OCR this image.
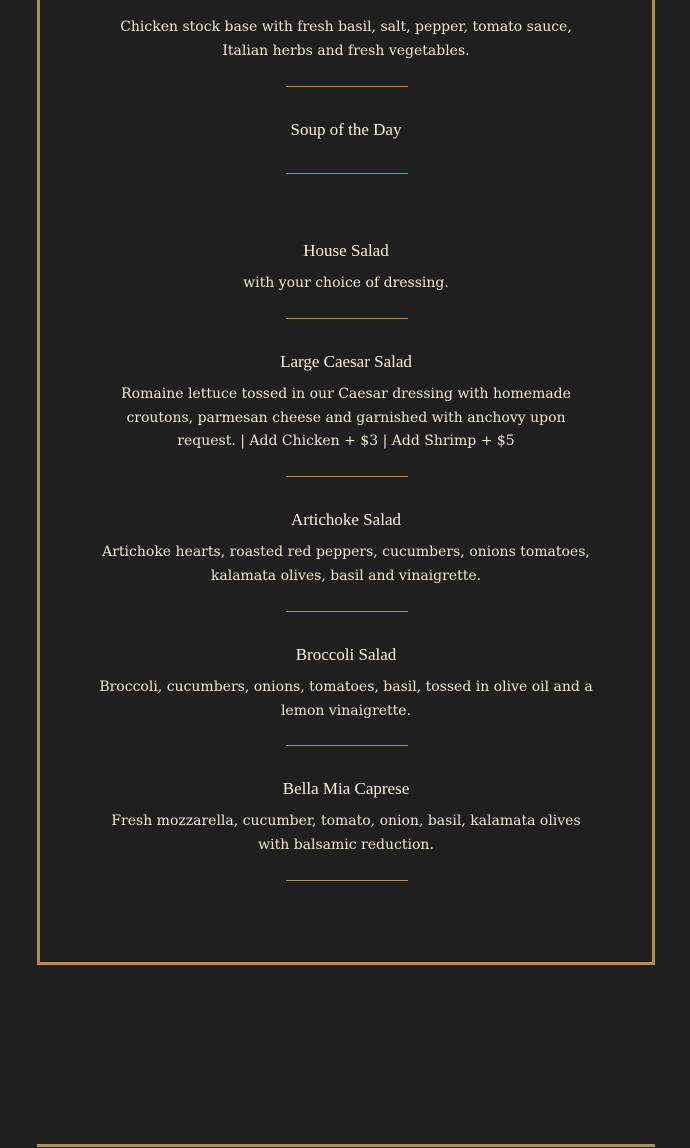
Chicken stock base with fresh basil, salt, pepper, tomato sauce, Italian herbs and fresh vegetables.

Soup of the Day
House Salad

with your choice of dressing.

Large Caesar Salad

Romaine lettuce tossed in our Caesar dressing with homemade croutons, parmesan cheese and garnished with anchovy upon request. | Add Chicken + $3 | Add Shrimp + $5

Artichoke Salad

Artichoke hearts, roasted red peppers, cucumbers, onions tomatoes, kalamata olives, basil and vinaigrette.

Broccoli Salad

Broccoli, cucumbers, onions, tomatoes, basil, tossed in olive oil and a lemon vinaigrette.

Bella Mia Caprese

Fresh mozzarella, cucumber, tomato, onion, basil, kalamata olives with balsamic reduction.
